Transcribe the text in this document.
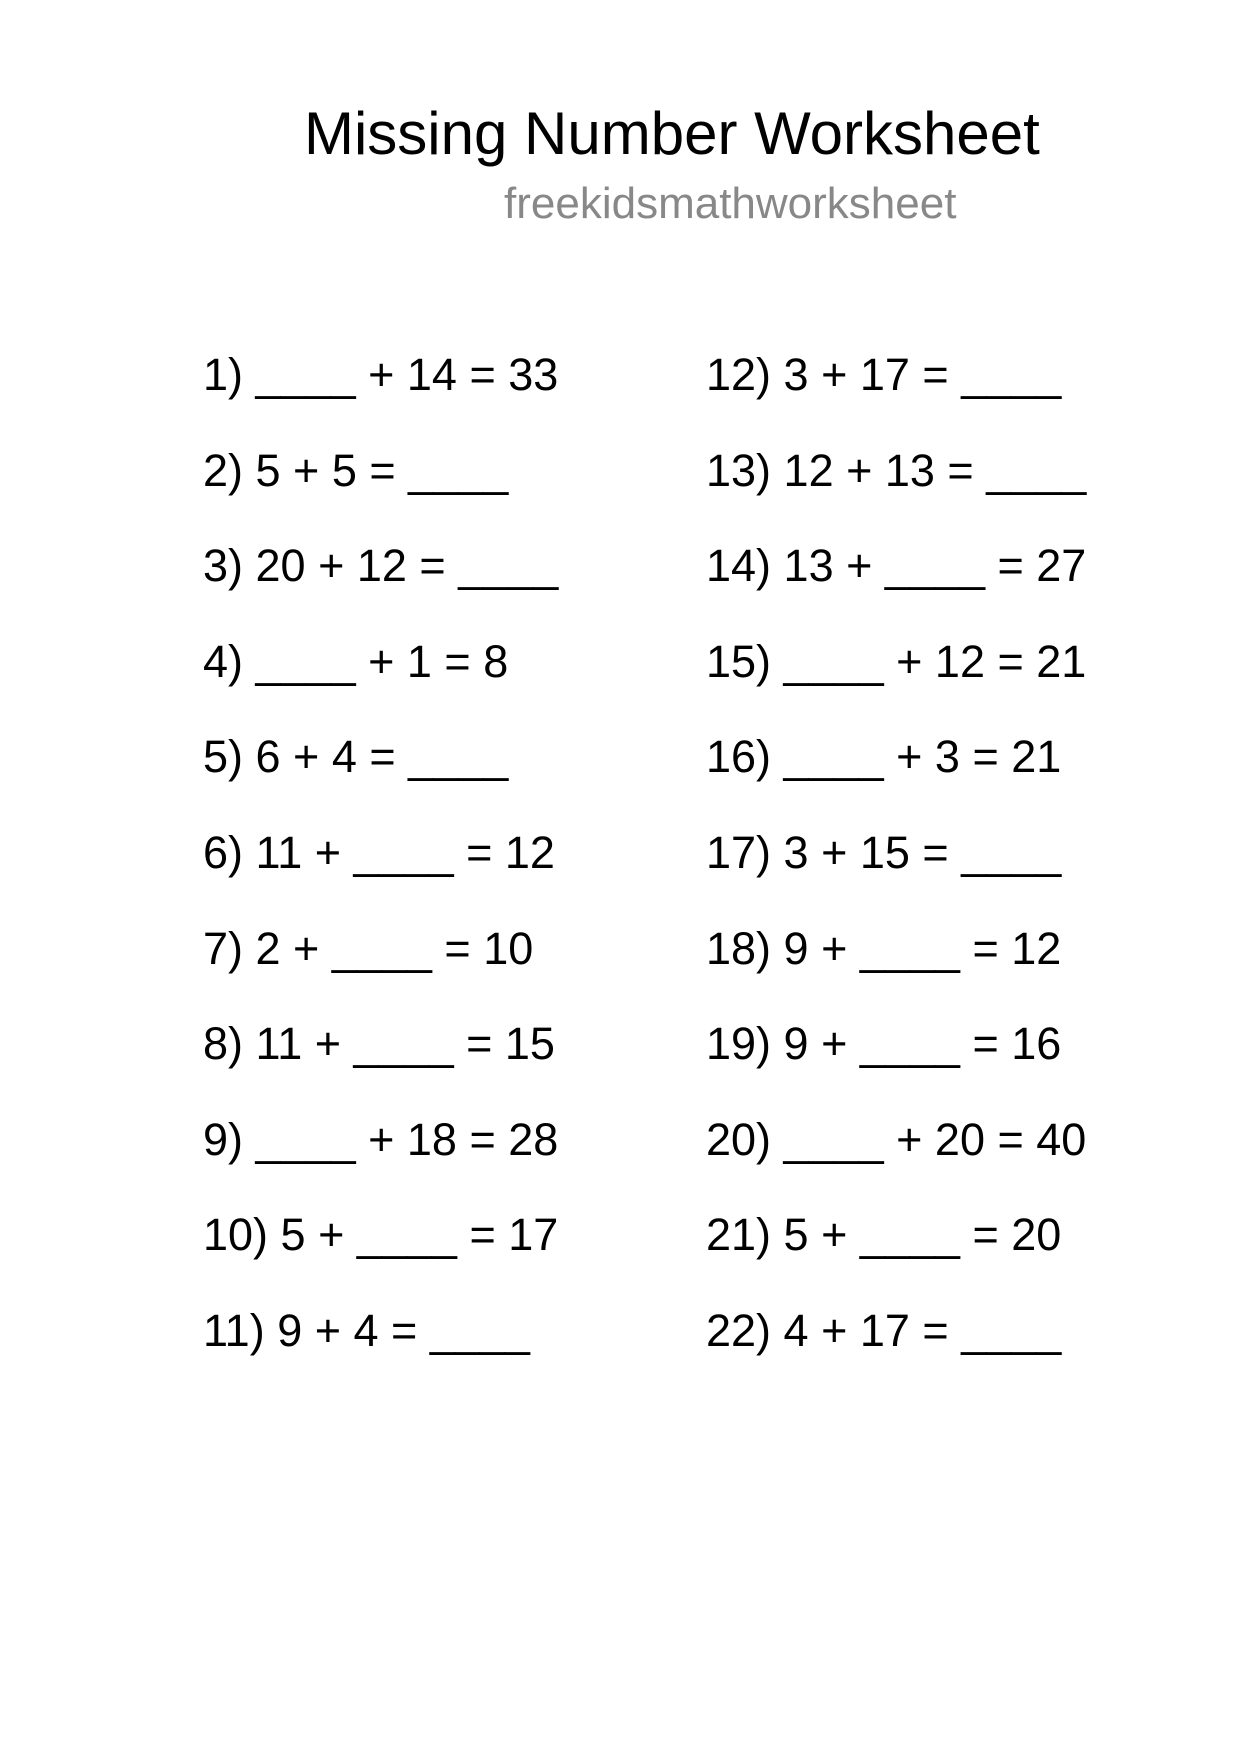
Missing Number Worksheet
freekidsmathworksheet
1) ____ + 14 = 33
2) 5 + 5 = ____
3) 20 + 12 = ____
4) ____ + 1 = 8
5) 6 + 4 = ____
6) 11 + ____ = 12
7) 2 + ____ = 10
8) 11 + ____ = 15
9) ____ + 18 = 28
10) 5 + ____ = 17
11) 9 + 4 = ____
12) 3 + 17 = ____
13) 12 + 13 = ____
14) 13 + ____ = 27
15) ____ + 12 = 21
16) ____ + 3 = 21
17) 3 + 15 = ____
18) 9 + ____ = 12
19) 9 + ____ = 16
20) ____ + 20 = 40
21) 5 + ____ = 20
22) 4 + 17 = ____
